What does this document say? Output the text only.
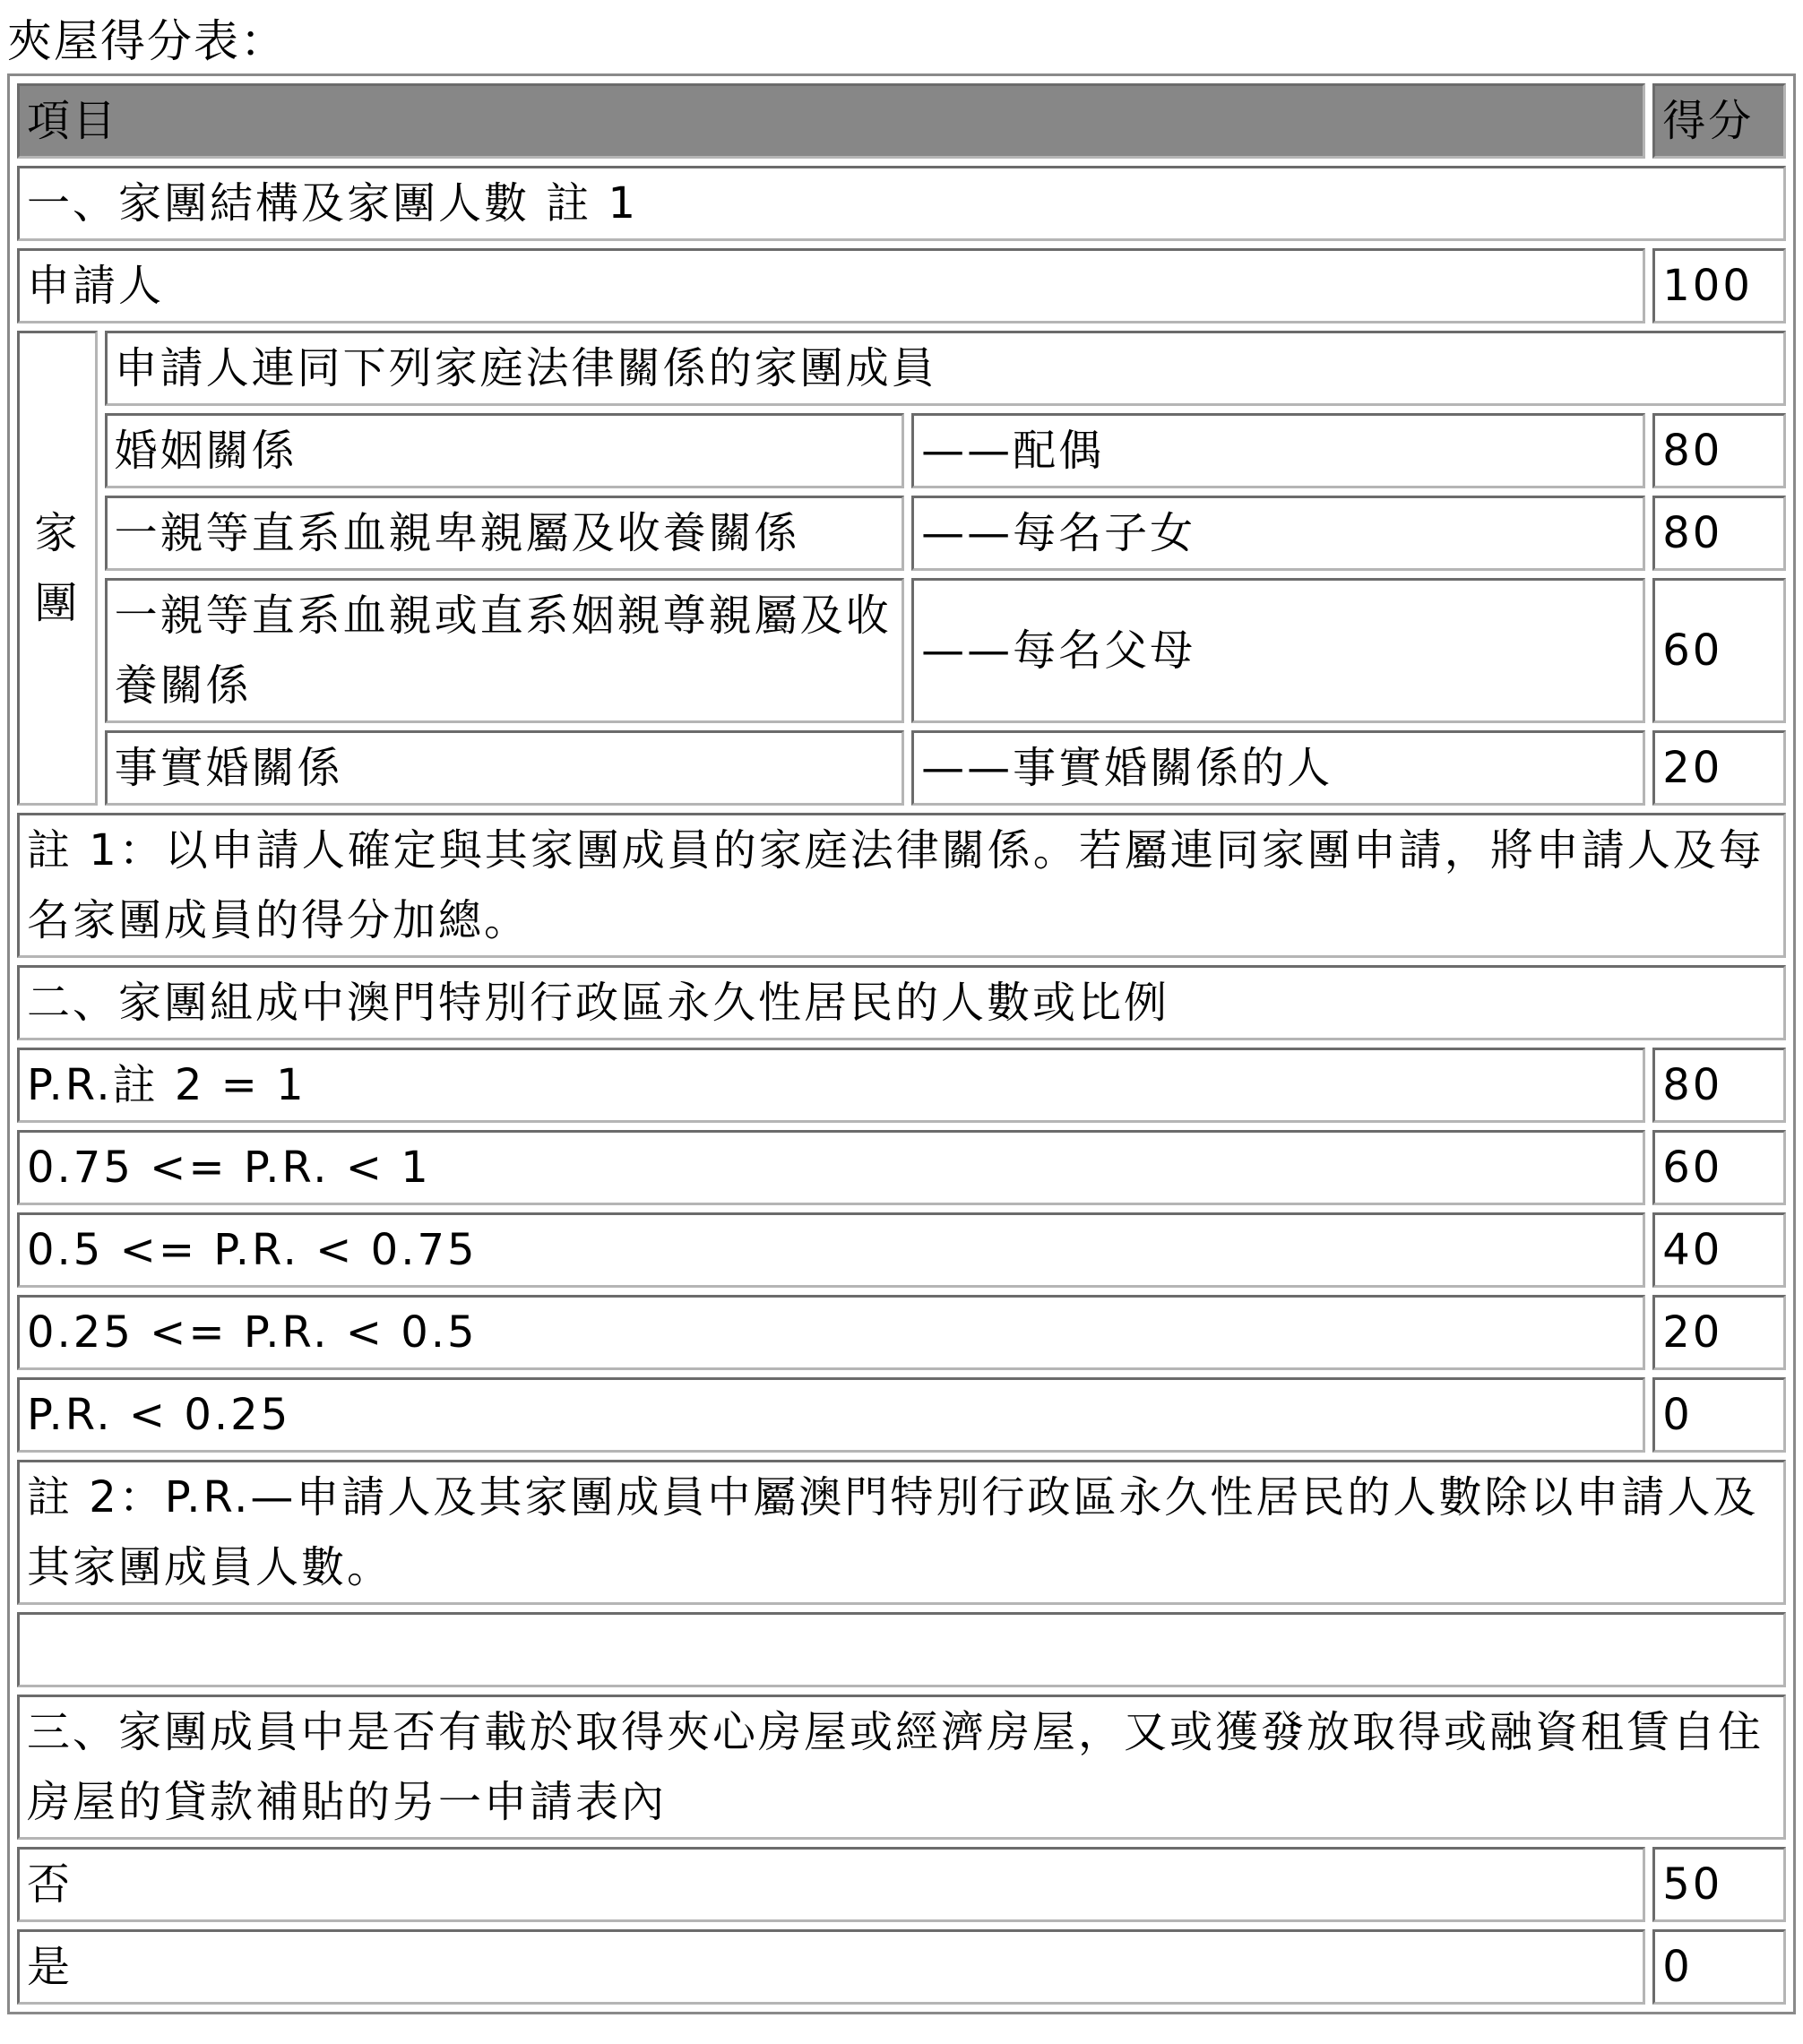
夾屋得分表：
項目			得分
一、家團結構及家團人數 註 1			
申請人			100
家團	申請人連同下列家庭法律關係的家團成員		
	婚姻關係	——配偶	80
	一親等直系血親卑親屬及收養關係	——每名子女	80
	一親等直系血親或直系姻親尊親屬及收養關係	——每名父母	60
	事實婚關係	——事實婚關係的人	20
註 1：以申請人確定與其家團成員的家庭法律關係。若屬連同家團申請，將申請人及每名家團成員的得分加總。			
二、家團組成中澳門特別行政區永久性居民的人數或比例			
P.R.註 2 = 1			80
0.75 <= P.R. < 1			60
0.5 <= P.R. < 0.75			40
0.25 <= P.R. < 0.5			20
P.R. < 0.25			0
註 2：P.R.—申請人及其家團成員中屬澳門特別行政區永久性居民的人數除以申請人及其家團成員人數。			

三、家團成員中是否有載於取得夾心房屋或經濟房屋，又或獲發放取得或融資租賃自住房屋的貸款補貼的另一申請表內			
否			50
是			0
